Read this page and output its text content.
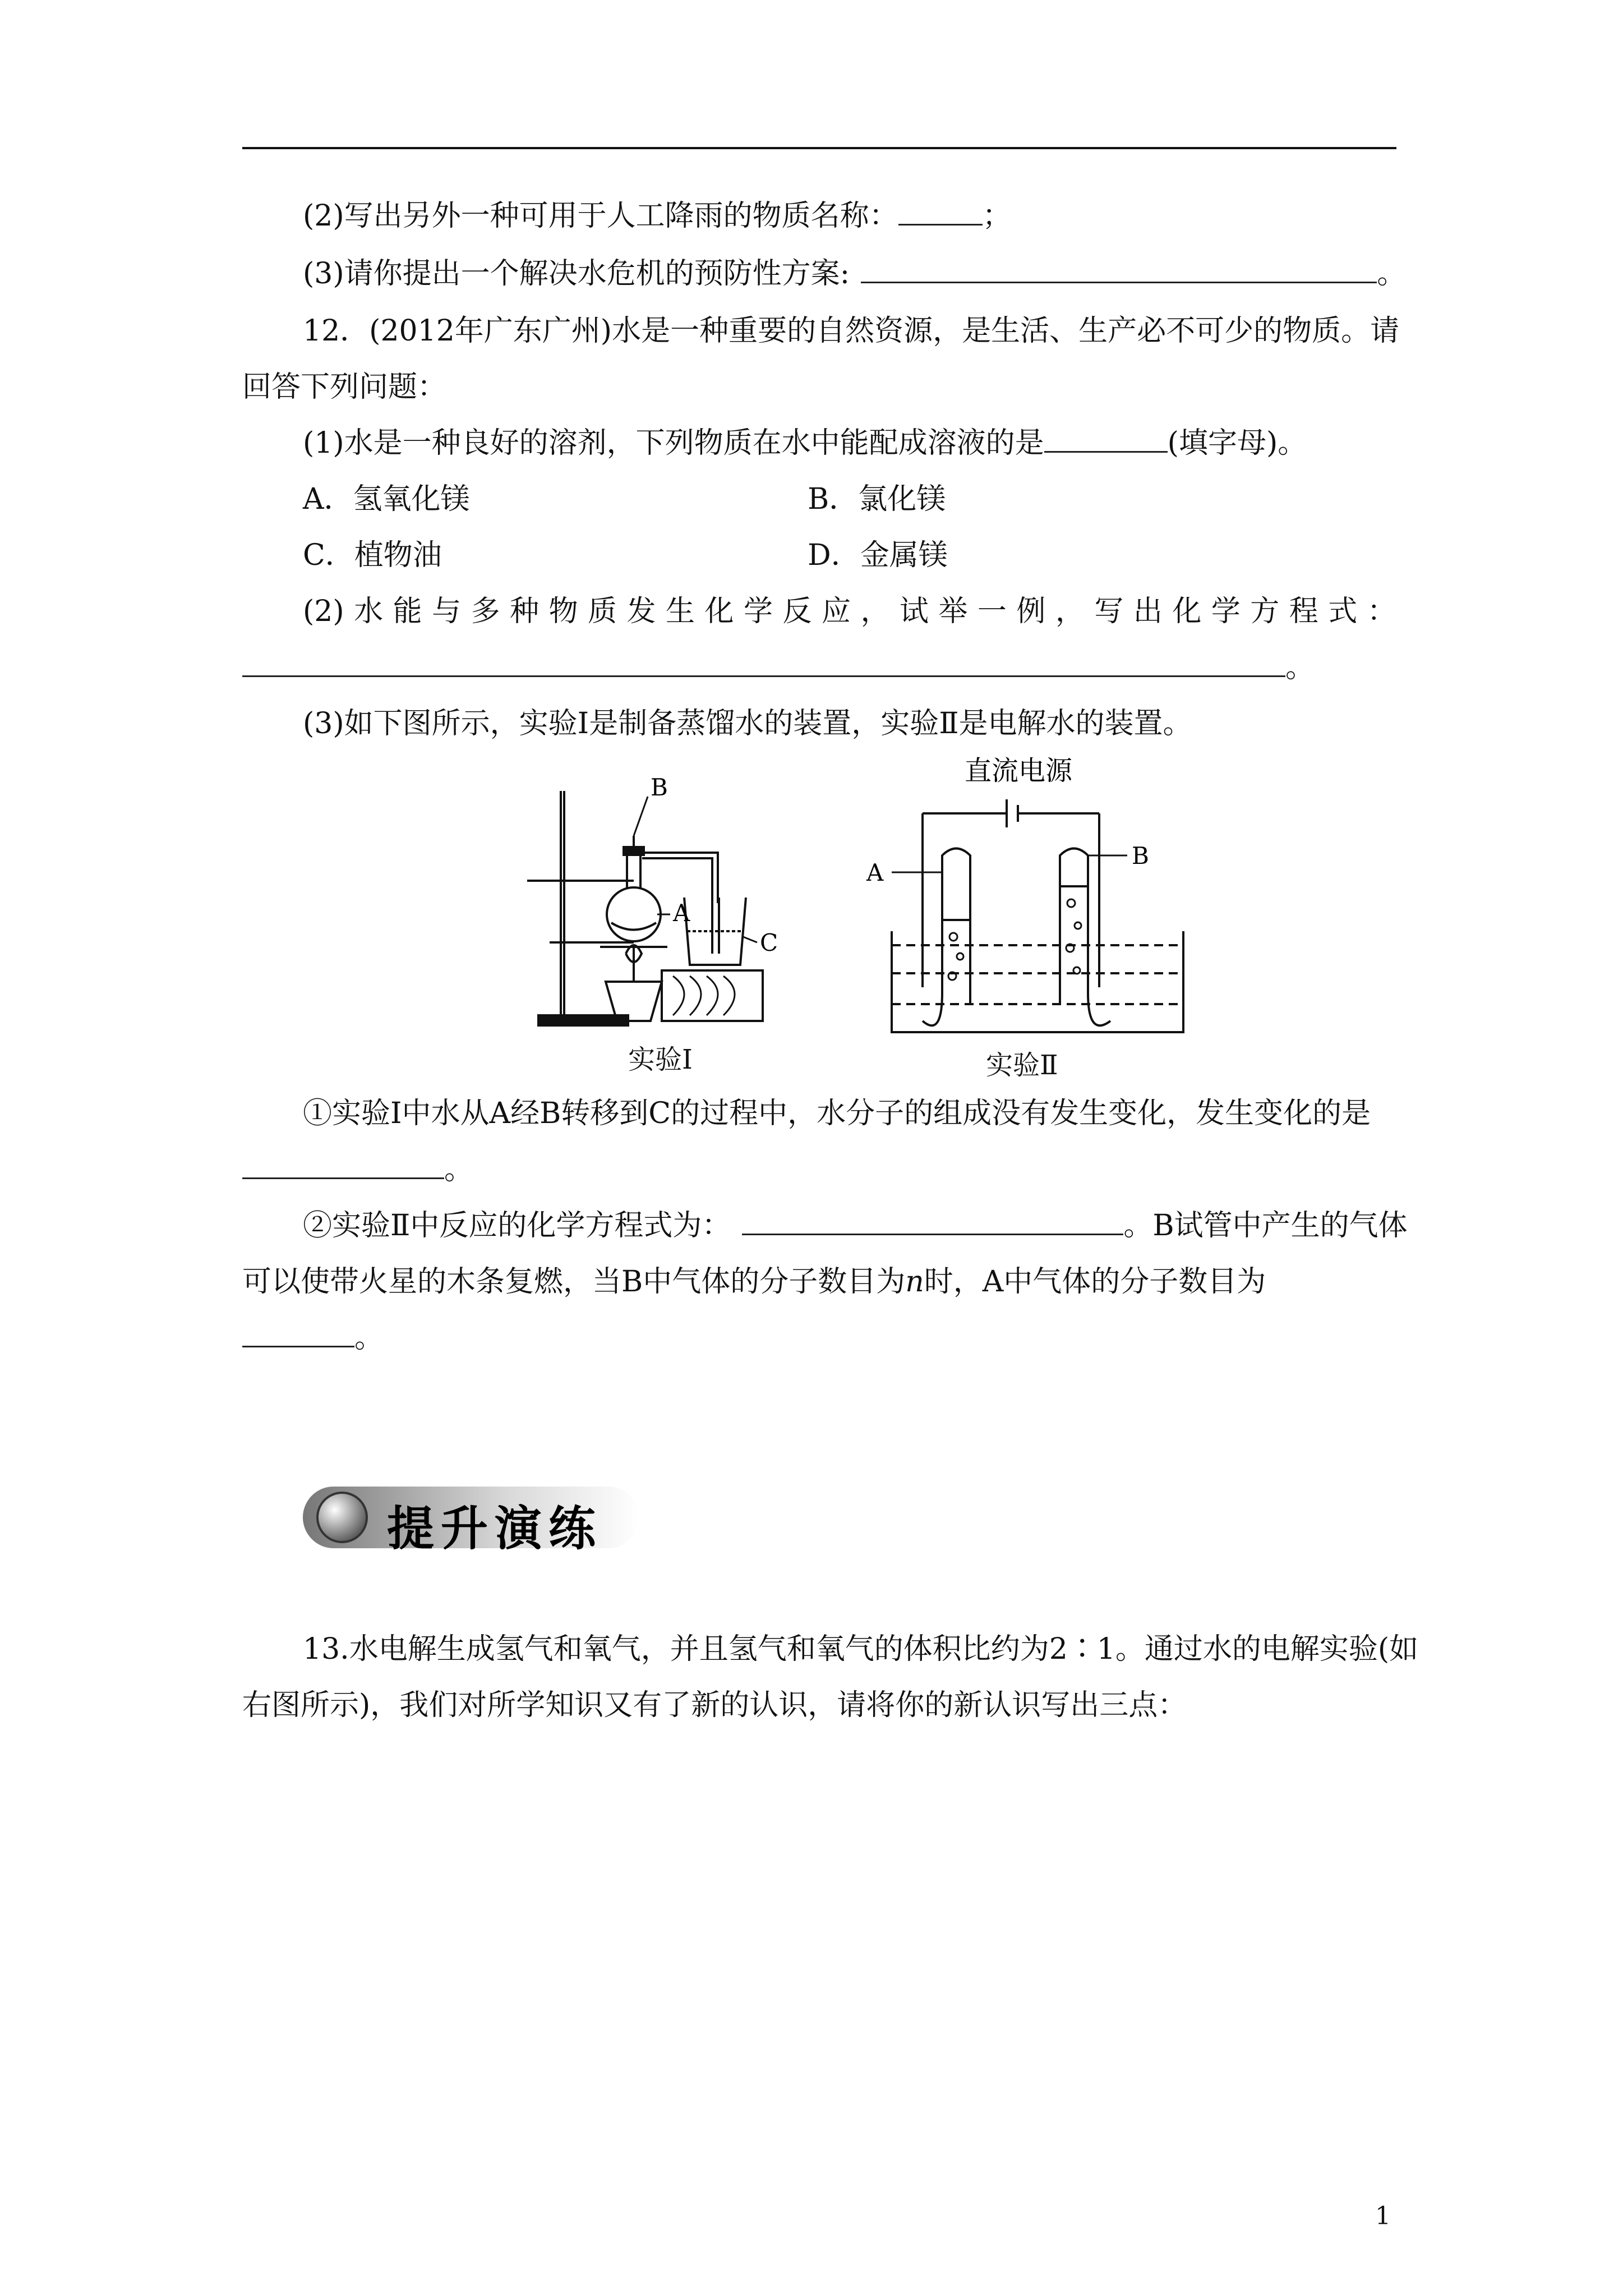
(2)写出另外一种可用于人工降雨的物质名称：	；
(3)请你提出一个解决水危机的预防性方案:	。
12．(2012年广东广州)水是一种重要的自然资源，是生活、生产必不可少的物质。请
回答下列问题：
(1)水是一种良好的溶剂，下列物质在水中能配成溶液的是	(填字母)。
A．氢氧化镁	B．氯化镁
C．植物油	D．金属镁
(2) 水 能 与 多 种 物 质 发 生 化 学 反 应 ， 试 举 一 例 ， 写 出 化 学 方 程 式 ：
。
(3)如下图所示，实验Ⅰ是制备蒸馏水的装置，实验Ⅱ是电解水的装置。
B
A
C
实验Ⅰ
直流电源
A
B
实验Ⅱ
①实验Ⅰ中水从A经B转移到C的过程中，水分子的组成没有发生变化，发生变化的是
。
②实验Ⅱ中反应的化学方程式为：	。B试管中产生的气体
可以使带火星的木条复燃，当B中气体的分子数目为n时，A中气体的分子数目为
。
提升演练
13.水电解生成氢气和氧气，并且氢气和氧气的体积比约为2∶1。通过水的电解实验(如
右图所示)，我们对所学知识又有了新的认识，请将你的新认识写出三点：
1
